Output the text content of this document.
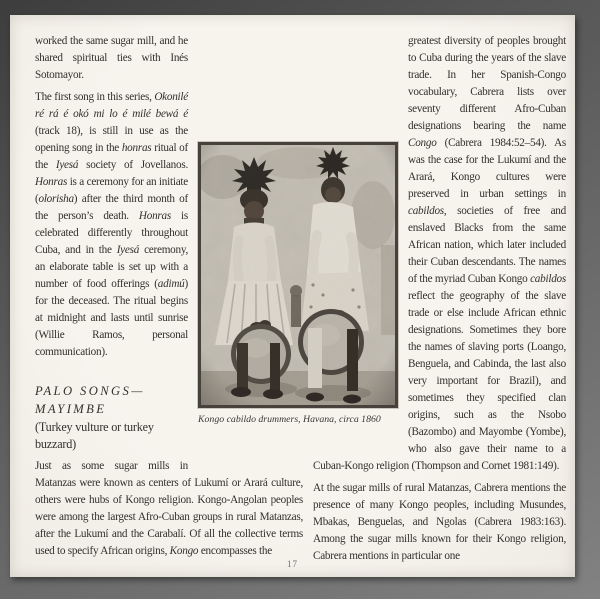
worked the same sugar mill, and he shared spiritual ties with Inés Sotomayor.

The first song in this series, Okonilé ré rá é okó mi lo é milé bewá é (track 18), is still in use as the opening song in the honras ritual of the Iyesá society of Jovellanos. Honras is a ceremony for an initiate (olorisha) after the third month of the person’s death. Honras is celebrated differently throughout Cuba, and in the Iyesá ceremony, an elaborate table is set up with a number of food offerings (adimú) for the deceased. The ritual begins at midnight and lasts until sunrise (Willie Ramos, personal communication).

PALO SONGS—
MAYIMBE
(Turkey vulture or turkey buzzard)

Just as some sugar mills in Matanzas were known as centers of Lukumí or Arará culture, others were hubs of Kongo religion. Kongo-Angolan peoples were among the largest Afro-Cuban groups in rural Matanzas, after the Lukumí and the Carabalí. Of all the collective terms used to specify African origins, Kongo encompasses the

greatest diversity of peoples brought to Cuba during the years of the slave trade. In her Spanish-Congo vocabulary, Cabrera lists over seventy different Afro-Cuban designations bearing the name Congo (Cabrera 1984:52–54). As was the case for the Lukumí and the Arará, Kongo cultures were preserved in urban settings in cabildos, societies of free and enslaved Blacks from the same African nation, which later included their Cuban descendants. The names of the myriad Cuban Kongo cabildos reflect the geography of the slave trade or else include African ethnic designations. Sometimes they bore the names of slaving ports (Loango, Benguela, and Cabinda, the last also very important for Brazil), and sometimes they specified clan origins, such as the Nsobo (Bazombo) and Mayombe (Yombe), who also gave their name to a Cuban-Kongo religion (Thompson and Cornet 1981:149).

At the sugar mills of rural Matanzas, Cabrera mentions the presence of many Kongo peoples, including Musundes, Mbakas, Benguelas, and Ngolas (Cabrera 1983:163). Among the sugar mills known for their Kongo religion, Cabrera mentions in particular one

Kongo cabildo drummers, Havana, circa 1860
17
